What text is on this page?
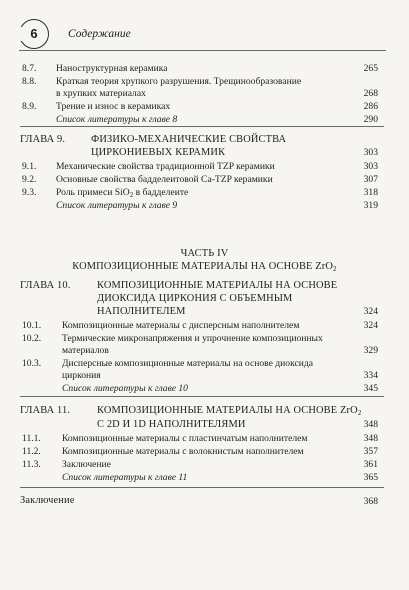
6	Содержание
8.7. Наноструктурная керамика	265
8.8. Краткая теория хрупкого разрушения. Трещинообразование
в хрупких материалах	268
8.9. Трение и износ в керамиках	286
Список литературы к главе 8	290
ГЛАВА 9. ФИЗИКО-МЕХАНИЧЕСКИЕ СВОЙСТВА
ЦИРКОНИЕВЫХ КЕРАМИК	303
9.1. Механические свойства традиционной TZP керамики	303
9.2. Основные свойства бадделеитовой Ca-TZP керамики	307
9.3. Роль примеси SiO$_2$ в бадделеите	318
Список литературы к главе 9	319
ЧАСТЬ IV
КОМПОЗИЦИОННЫЕ МАТЕРИАЛЫ НА ОСНОВЕ ZrO$_2$
ГЛАВА 10.	КОМПОЗИЦИОННЫЕ МАТЕРИАЛЫ НА ОСНОВЕ
ДИОКСИДА ЦИРКОНИЯ С ОБЪЕМНЫМ
НАПОЛНИТЕЛЕМ	324
10.1. Композиционные материалы с дисперсным наполнителем	324
10.2. Термические микронапряжения и упрочнение композиционных
материалов	329
10.3. Дисперсные композиционные материалы на основе диоксида
циркония	334
Список литературы к главе 10	345
ГЛАВА 11.	КОМПОЗИЦИОННЫЕ МАТЕРИАЛЫ НА ОСНОВЕ ZrO$_2$
С 2D И 1D НАПОЛНИТЕЛЯМИ	348
11.1. Композиционные материалы с пластинчатым наполнителем	348
11.2. Композиционные материалы с волокнистым наполнителем	357
11.3. Заключение	361
Список литературы к главе 11	365
Заключение	368
